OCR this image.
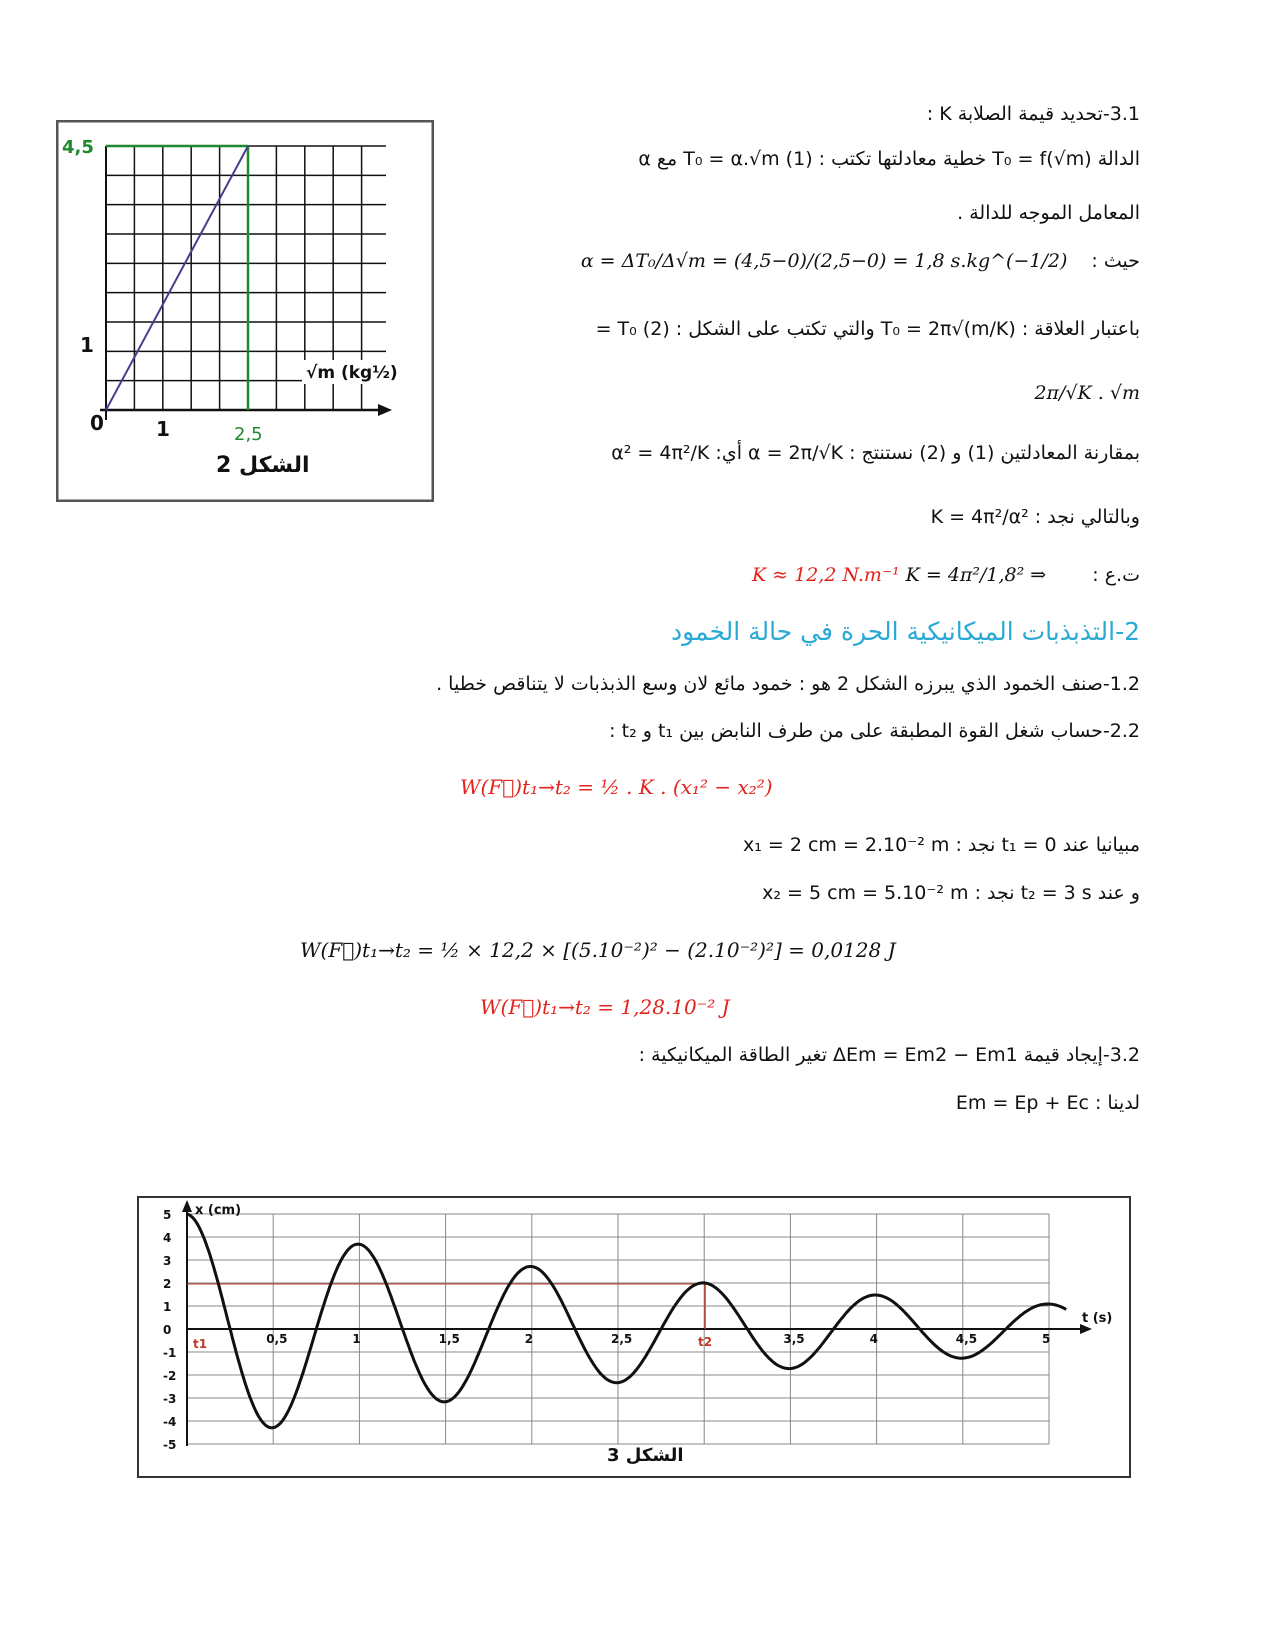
4,5
1
0	1	2,5
√m (kg½)
الشكل 2
3.1-تحديد قيمة الصلابة K :
الدالة T₀ = f(√m) خطية معادلتها تكتب : (1) T₀ = α.√m مع α
المعامل الموجه للدالة .
حيث : α = ΔT₀/Δ√m = (4,5−0)/(2,5−0) = 1,8 s.kg^(−1/2)
باعتبار العلاقة : T₀ = 2π√(m/K) والتي تكتب على الشكل : (2) T₀ =
2π/√K . √m
بمقارنة المعادلتين (1) و (2) نستنتج : α = 2π/√K أي: α² = 4π²/K
وبالتالي نجد : K = 4π²/α²
ت.ع : K = 4π²/1,8² ⇒ K ≈ 12,2 N.m⁻¹
2-التذبذبات الميكانيكية الحرة في حالة الخمود
1.2-صنف الخمود الذي يبرزه الشكل 2 هو : خمود مائع لان وسع الذبذبات لا يتناقص خطيا .
2.2-حساب شغل القوة المطبقة على من طرف النابض بين t₁ و t₂ :
W(F⃗)t₁→t₂ = ½ . K . (x₁² − x₂²)
مبيانيا عند t₁ = 0 نجد : x₁ = 2 cm = 2.10⁻² m
و عند t₂ = 3 s نجد : x₂ = 5 cm = 5.10⁻² m
W(F⃗)t₁→t₂ = ½ × 12,2 × [(5.10⁻²)² − (2.10⁻²)²] = 0,0128 J
W(F⃗)t₁→t₂ = 1,28.10⁻² J
3.2-إيجاد قيمة ΔEm = Em2 − Em1 تغير الطاقة الميكانيكية :
لدينا : Em = Ep + Ec
5
4
3
2
1
0
-1
-2
-3
-4
-5
0,5	1	1,5	2	2,5	3,5	4	4,5	5
x (cm)
t (s)
t1	t2
الشكل 3
